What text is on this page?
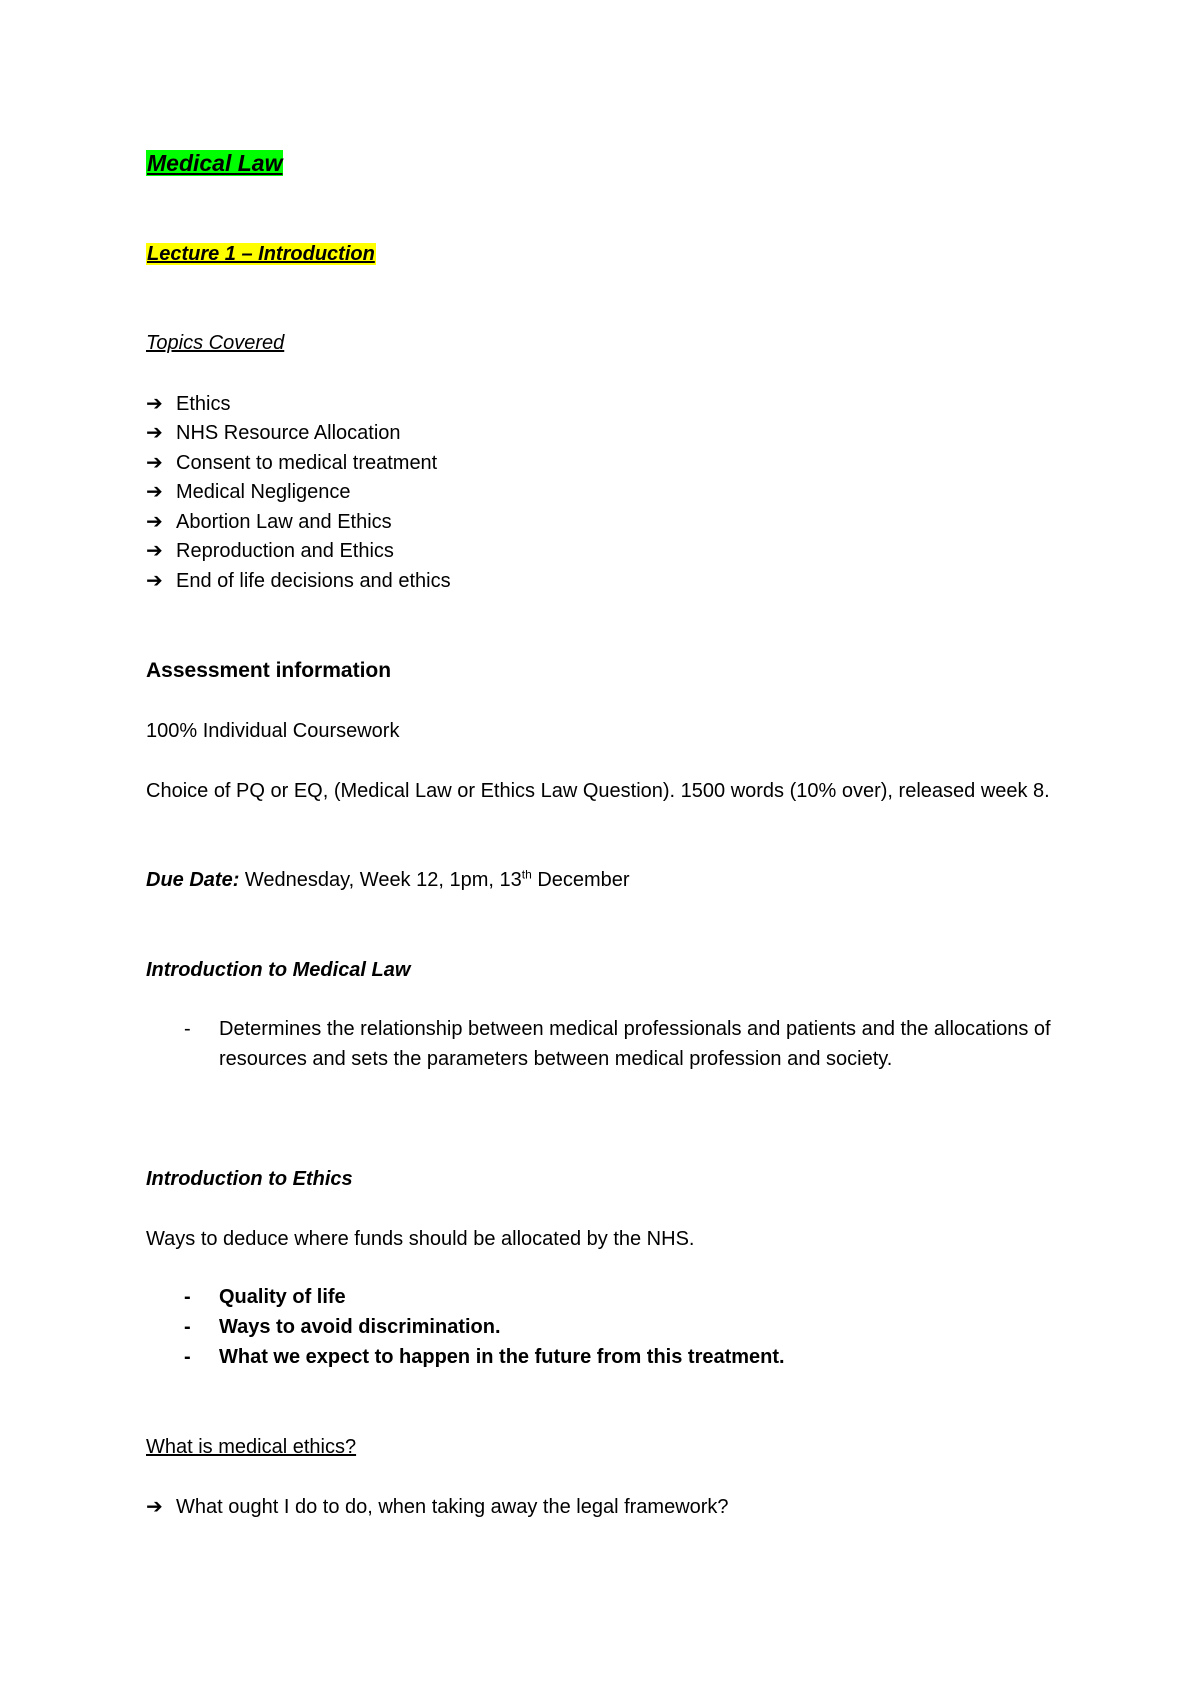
Medical Law
Lecture 1 – Introduction
Topics Covered
➔ Ethics
➔ NHS Resource Allocation
➔ Consent to medical treatment
➔ Medical Negligence
➔ Abortion Law and Ethics
➔ Reproduction and Ethics
➔ End of life decisions and ethics
Assessment information
100% Individual Coursework
Choice of PQ or EQ, (Medical Law or Ethics Law Question). 1500 words (10% over), released week 8.
Due Date: Wednesday, Week 12, 1pm, 13th December
Introduction to Medical Law
- Determines the relationship between medical professionals and patients and the allocations of resources and sets the parameters between medical profession and society.
Introduction to Ethics
Ways to deduce where funds should be allocated by the NHS.
- Quality of life
- Ways to avoid discrimination.
- What we expect to happen in the future from this treatment.
What is medical ethics?
➔ What ought I do to do, when taking away the legal framework?
